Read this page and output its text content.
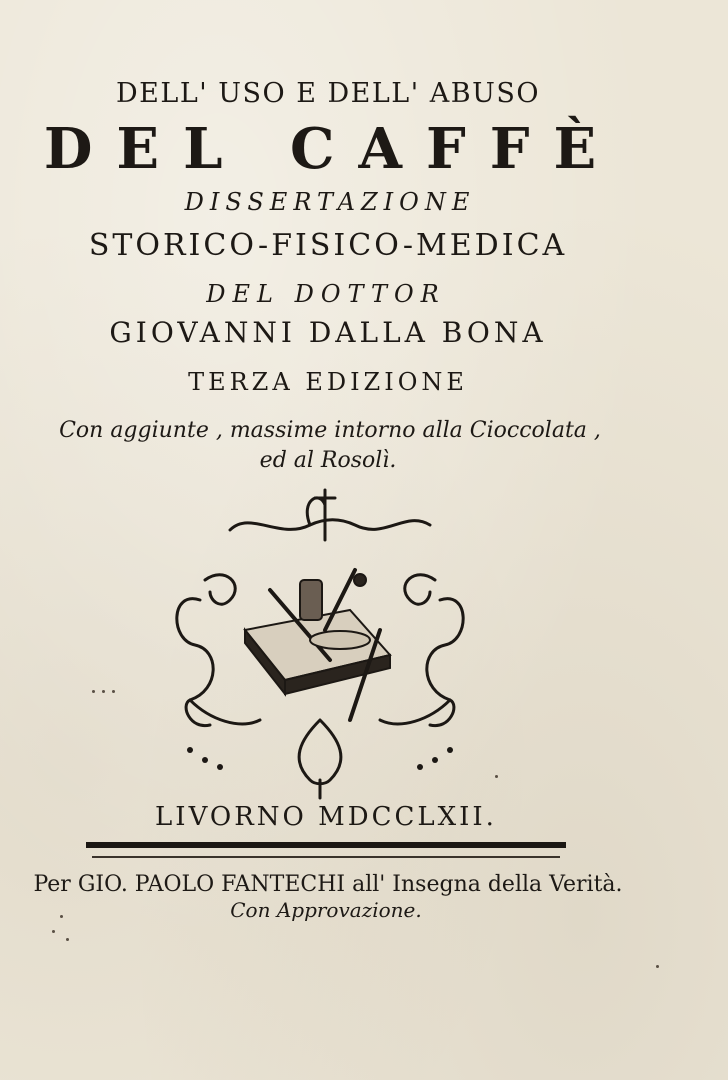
DELL' USO E DELL' ABUSO
DEL CAFFÈ
DISSERTAZIONE
STORICO-FISICO-MEDICA
DEL DOTTOR
GIOVANNI DALLA BONA
TERZA EDIZIONE
Con aggiunte , massime intorno alla Cioccolata ,
ed al Rosolì.
LIVORNO MDCCLXII.
Per GIO. PAOLO FANTECHI all' Insegna della Verità.
Con Approvazione.
